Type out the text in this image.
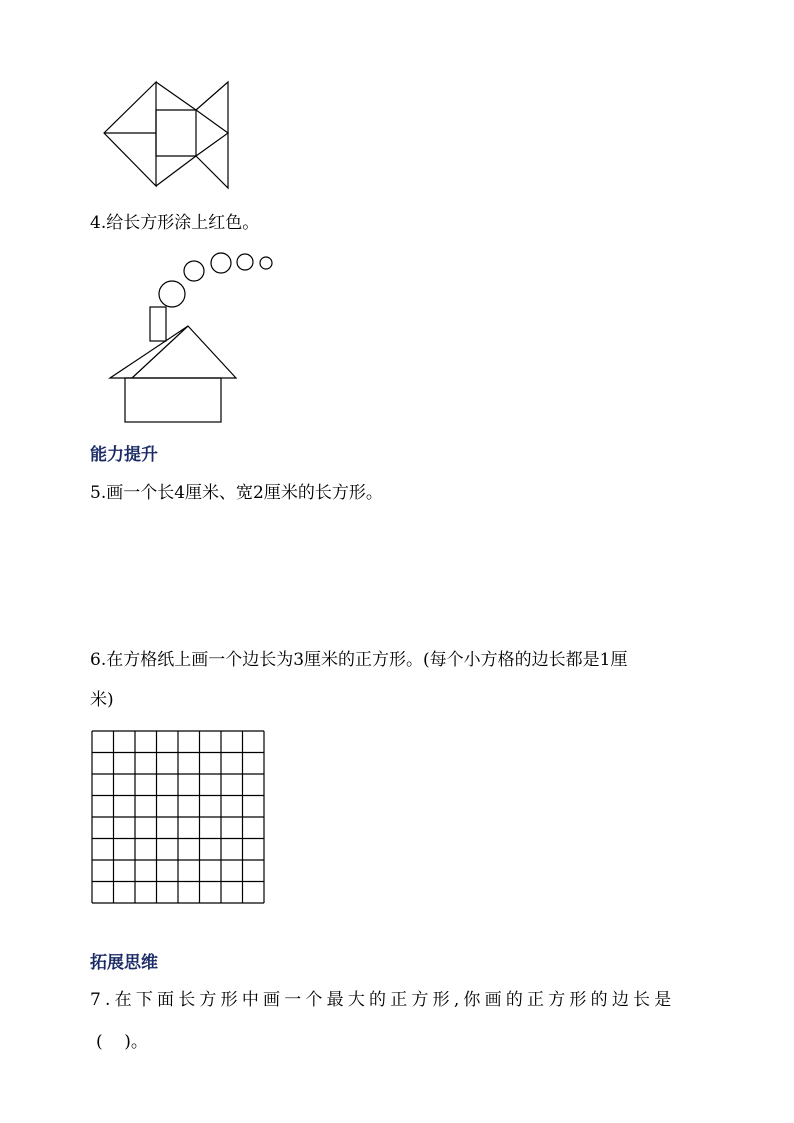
4.给长方形涂上红色。
能力提升
5.画一个长4厘米、宽2厘米的长方形。
6.在方格纸上画一个边长为3厘米的正方形。(每个小方格的边长都是1厘
米)
拓展思维
7.在下面长方形中画一个最大的正方形,你画的正方形的边长是
(    )。
